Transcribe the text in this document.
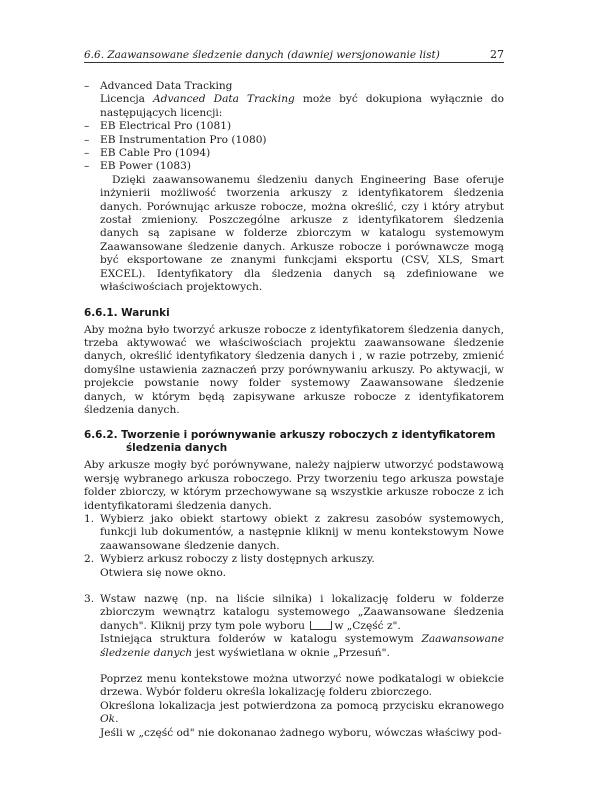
6.6. Zaawansowane śledzenie danych (dawniej wersjonowanie list)	27
– Advanced Data Tracking
Licencja Advanced Data Tracking może być dokupiona wyłącznie do następujących licencji:
– EB Electrical Pro (1081)
– EB Instrumentation Pro (1080)
– EB Cable Pro (1094)
– EB Power (1083)
Dzięki zaawansowanemu śledzeniu danych Engineering Base oferuje inżynierii możliwość tworzenia arkuszy z identyfikatorem śledzenia danych. Porównując arkusze robocze, można określić, czy i który atrybut został zmieniony. Poszczególne arkusze z identyfikatorem śledzenia danych są zapisane w folderze zbiorczym w katalogu systemowym Zaawansowane śledzenie danych. Arkusze robocze i porównawcze mogą być eksportowane ze znanymi funkcjami eksportu (CSV, XLS, Smart EXCEL). Identyfikatory dla śledzenia danych są zdefiniowane we właściwościach projektowych.
6.6.1. Warunki
Aby można było tworzyć arkusze robocze z identyfikatorem śledzenia danych, trzeba aktywować we właściwościach projektu zaawansowane śledzenie danych, określić identyfikatory śledzenia danych i , w razie potrzeby, zmienić domyślne ustawienia zaznaczeń przy porównywaniu arkuszy. Po aktywacji, w projekcie powstanie nowy folder systemowy Zaawansowane śledzenie danych, w którym będą zapisywane arkusze robocze z identyfikatorem śledzenia danych.
6.6.2. Tworzenie i porównywanie arkuszy roboczych z identyfikatorem śledzenia danych
Aby arkusze mogły być porównywane, należy najpierw utworzyć podstawową wersję wybranego arkusza roboczego. Przy tworzeniu tego arkusza powstaje folder zbiorczy, w którym przechowywane są wszystkie arkusze robocze z ich identyfikatorami śledzenia danych.
1. Wybierz jako obiekt startowy obiekt z zakresu zasobów systemowych, funkcji lub dokumentów, a następnie kliknij w menu kontekstowym Nowe zaawansowane śledzenie danych.
2. Wybierz arkusz roboczy z listy dostępnych arkuszy.
Otwiera się nowe okno.
3. Wstaw nazwę (np. na liście silnika) i lokalizację folderu w folderze zbiorczym wewnątrz katalogu systemowego „Zaawansowane śledzenia danych". Kliknij przy tym pole wyboru w „Część z".
Istniejąca struktura folderów w katalogu systemowym Zaawansowane śledzenie danych jest wyświetlana w oknie „Przesuń".
Poprzez menu kontekstowe można utworzyć nowe podkatalogi w obiekcie drzewa. Wybór folderu określa lokalizację folderu zbiorczego.
Określona lokalizacja jest potwierdzona za pomocą przycisku ekranowego Ok.
Jeśli w „część od" nie dokonanao żadnego wyboru, wówczas właściwy pod-
